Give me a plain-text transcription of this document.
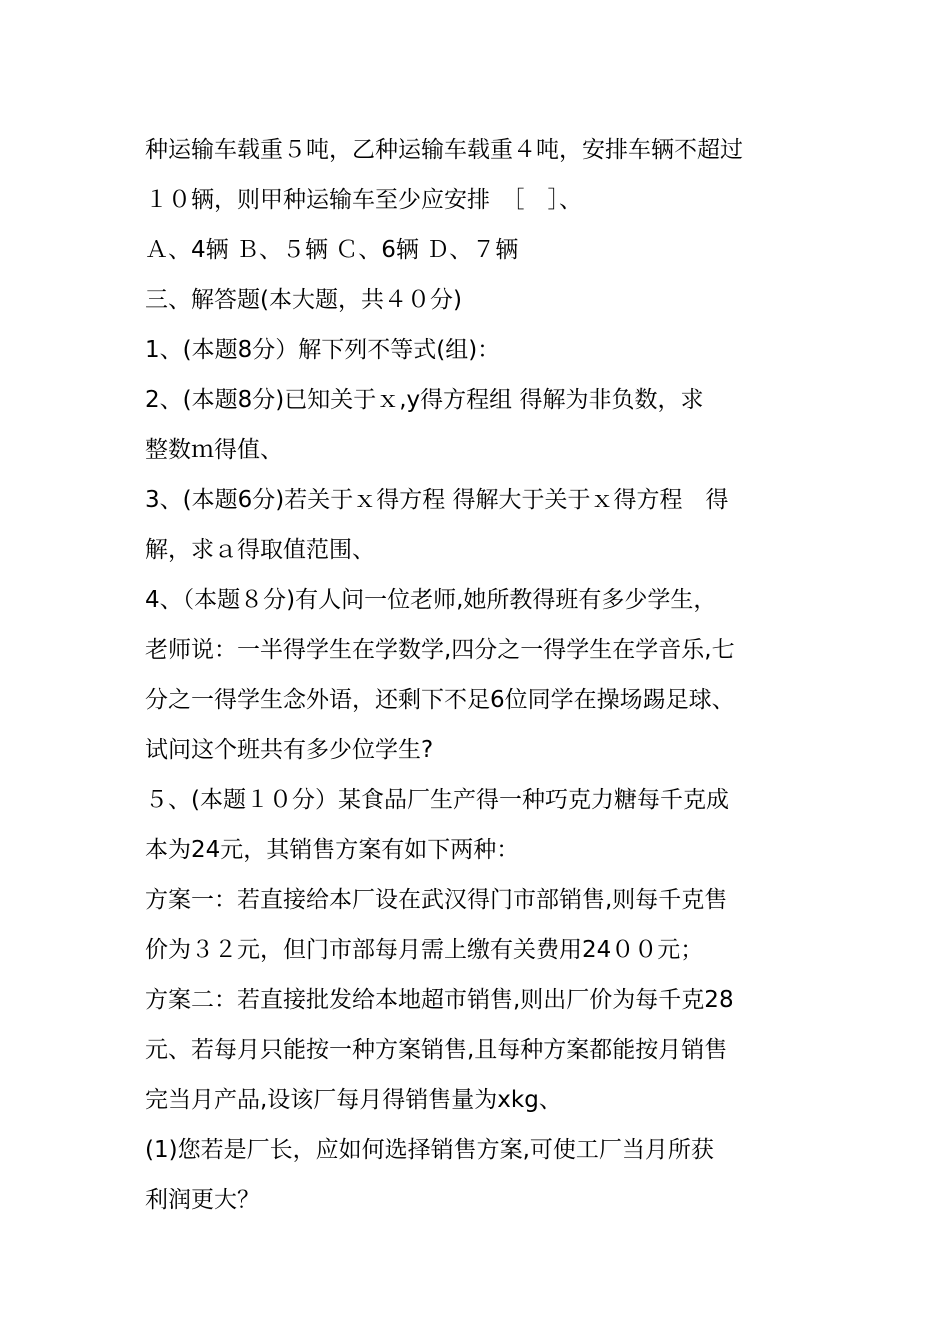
种运输车载重５吨，乙种运输车载重４吨，安排车辆不超过
１０辆，则甲种运输车至少应安排　［　］、
Ａ、4辆 Ｂ、５辆 Ｃ、6辆 Ｄ、７辆
三、解答题(本大题，共４０分)
1、(本题8分）解下列不等式(组)：
2、(本题8分)已知关于ｘ,y得方程组 得解为非负数，求
整数ｍ得值、
3、(本题6分)若关于ｘ得方程 得解大于关于ｘ得方程　得
解，求ａ得取值范围、
4、（本题８分)有人问一位老师,她所教得班有多少学生，
老师说：一半得学生在学数学,四分之一得学生在学音乐,七
分之一得学生念外语，还剩下不足6位同学在操场踢足球、
试问这个班共有多少位学生?
５、(本题１０分）某食品厂生产得一种巧克力糖每千克成
本为24元，其销售方案有如下两种：
方案一：若直接给本厂设在武汉得门市部销售,则每千克售
价为３２元，但门市部每月需上缴有关费用24００元；
方案二：若直接批发给本地超市销售,则出厂价为每千克28
元、若每月只能按一种方案销售,且每种方案都能按月销售
完当月产品,设该厂每月得销售量为xkg、
(1)您若是厂长，应如何选择销售方案,可使工厂当月所获
利润更大？
